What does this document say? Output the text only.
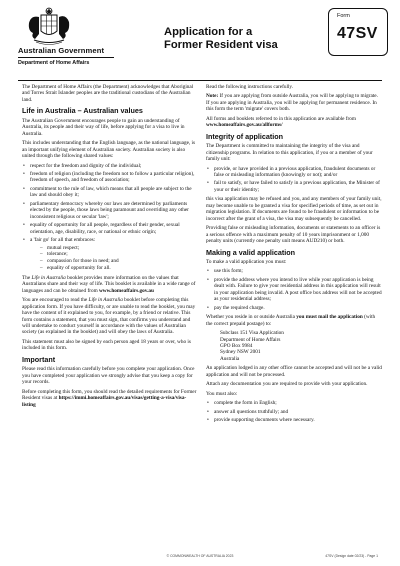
Australian Government
Department of Home Affairs
Application for a
Former Resident visa
Form
47SV

The Department of Home Affairs (the Department) acknowledges that Aboriginal and Torres Strait Islander peoples are the traditional custodians of the Australian land.

Life in Australia – Australian values

The Australian Government encourages people to gain an understanding of Australia, its people and their way of life, before applying for a visa to live in Australia.

This includes understanding that the English language, as the national language, is an important unifying element of Australian society. Australian society is also united through the following shared values:

• respect for the freedom and dignity of the individual;
• freedom of religion (including the freedom not to follow a particular religion), freedom of speech, and freedom of association;
• commitment to the rule of law, which means that all people are subject to the law and should obey it;
• parliamentary democracy whereby our laws are determined by parliaments elected by the people, those laws being paramount and overriding any other inconsistent religious or secular 'law';
• equality of opportunity for all people, regardless of their gender, sexual orientation, age, disability, race, or national or ethnic origin;
• a 'fair go' for all that embraces:
– mutual respect;
– tolerance;
– compassion for those in need; and
– equality of opportunity for all.

The Life in Australia booklet provides more information on the values that Australians share and their way of life. This booklet is available in a wide range of languages and can be obtained from www.homeaffairs.gov.au

You are encouraged to read the Life in Australia booklet before completing this application form. If you have difficulty, or are unable to read the booklet, you may have the content of it explained to you, for example, by a friend or relative. This form contains a statement, that you must sign, that confirms you understand and will undertake to conduct yourself in accordance with the values of Australian society (as explained in the booklet) and will obey the laws of Australia.

This statement must also be signed by each person aged 18 years or over, who is included in this form.

Important

Please read this information carefully before you complete your application. Once you have completed your application we strongly advise that you keep a copy for your records.

Before completing this form, you should read the detailed requirements for Former Resident visas at https://immi.homeaffairs.gov.au/visas/getting-a-visa/visa-listing

Read the following instructions carefully.

Note: If you are applying from outside Australia, you will be applying to migrate. If you are applying in Australia, you will be applying for permanent residence. In this form the term 'migrate' covers both.

All forms and booklets referred to in this application are available from www.homeaffairs.gov.au/allforms/

Integrity of application

The Department is committed to maintaining the integrity of the visa and citizenship programs. In relation to this application, if you or a member of your family unit:

• provide, or have provided in a previous application, fraudulent documents or false or misleading information (knowingly or not); and/or
• fail to satisfy, or have failed to satisfy in a previous application, the Minister of your or their identity;

this visa application may be refused and you, and any members of your family unit, may become unable to be granted a visa for specified periods of time, as set out in migration legislation. If documents are found to be fraudulent or information to be incorrect after the grant of a visa, the visa may subsequently be cancelled.

Providing false or misleading information, documents or statements to an officer is a serious offence with a maximum penalty of 10 years imprisonment or 1,000 penalty units (currently one penalty unit means AUD210) or both.

Making a valid application

To make a valid application you must:

• use this form;
• provide the address where you intend to live while your application is being dealt with. Failure to give your residential address in this application will result in your application being invalid. A post office box address will not be accepted as your residential address;
• pay the required charge.

Whether you reside in or outside Australia you must mail the application (with the correct prepaid postage) to:

Subclass 151 Visa Application
Department of Home Affairs
GPO Box 9984
Sydney NSW 2001
Australia

An application lodged in any other office cannot be accepted and will not be a valid application and will not be processed.

Attach any documentation you are required to provide with your application.

You must also:

• complete the form in English;
• answer all questions truthfully; and
• provide supporting documents where necessary.
© COMMONWEALTH OF AUSTRALIA 2023	47SV (Design date 02/23) - Page 1
